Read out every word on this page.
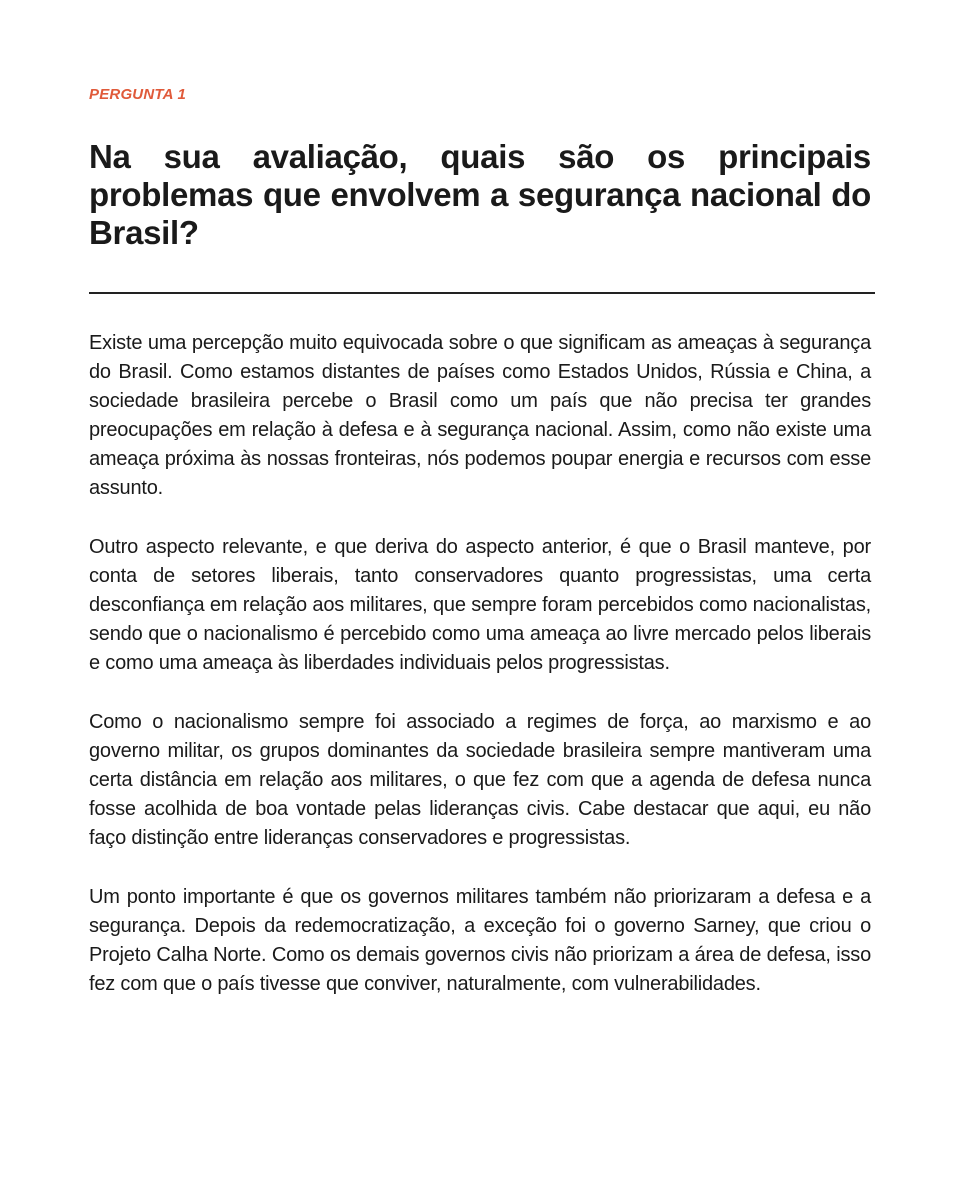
PERGUNTA 1

Na sua avaliação, quais são os principais problemas que envolvem a segurança nacional do Brasil?

Existe uma percepção muito equivocada sobre o que significam as ameaças à segurança do Brasil. Como estamos distantes de países como Estados Unidos, Rússia e China, a sociedade brasileira percebe o Brasil como um país que não precisa ter grandes preocupações em relação à defesa e à segurança nacional. Assim, como não existe uma ameaça próxima às nossas fronteiras, nós podemos poupar energia e recursos com esse assunto.

Outro aspecto relevante, e que deriva do aspecto anterior, é que o Brasil manteve, por conta de setores liberais, tanto conservadores quanto progressistas, uma certa desconfiança em relação aos militares, que sempre foram percebidos como nacionalistas, sendo que o nacionalismo é percebido como uma ameaça ao livre mercado pelos liberais e como uma ameaça às liberdades individuais pelos progressistas.

Como o nacionalismo sempre foi associado a regimes de força, ao marxismo e ao governo militar, os grupos dominantes da sociedade brasileira sempre mantiveram uma certa distância em relação aos militares, o que fez com que a agenda de defesa nunca fosse acolhida de boa vontade pelas lideranças civis. Cabe destacar que aqui, eu não faço distinção entre lideranças conservadores e progressistas.

Um ponto importante é que os governos militares também não priorizaram a defesa e a segurança. Depois da redemocratização, a exceção foi o governo Sarney, que criou o Projeto Calha Norte. Como os demais governos civis não priorizam a área de defesa, isso fez com que o país tivesse que conviver, naturalmente, com vulnerabilidades.
